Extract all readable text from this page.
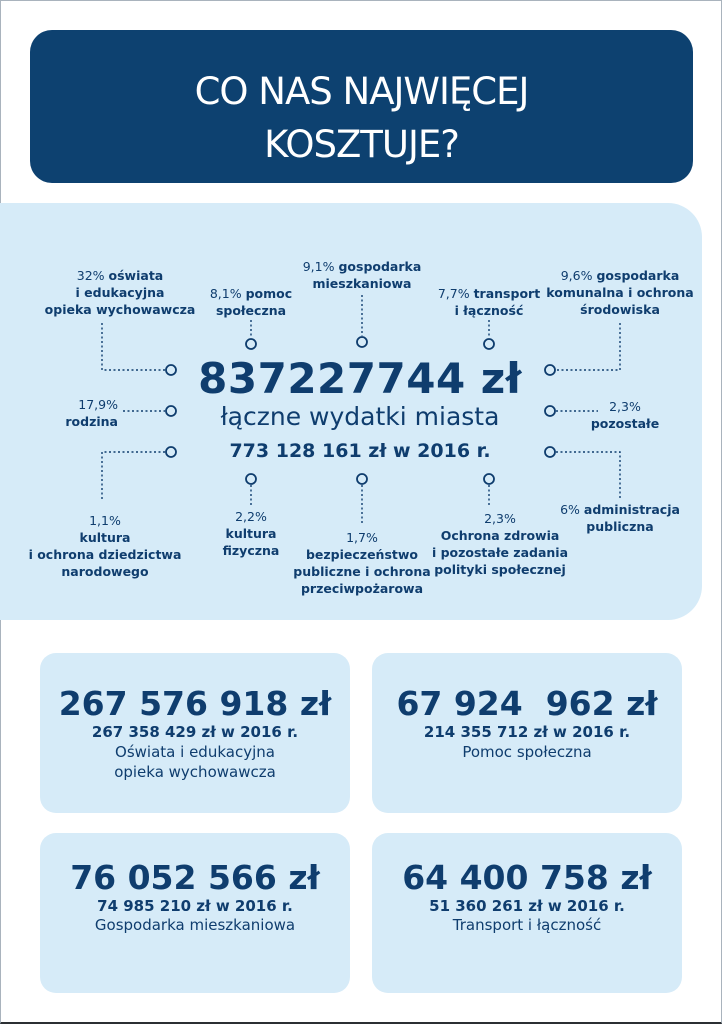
CO NAS NAJWIĘCEJ
KOSZTUJE?
32% oświata
i edukacyjna
opieka wychowawcza
8,1% pomoc
społeczna
9,1% gospodarka
mieszkaniowa
7,7% transport
i łączność
9,6% gospodarka
komunalna i ochrona
środowiska
17,9%
rodzina
2,3%
pozostałe
1,1%
kultura
i ochrona dziedzictwa
narodowego
2,2%
kultura
fizyczna
1,7%
bezpieczeństwo
publiczne i ochrona
przeciwpożarowa
2,3%
Ochrona zdrowia
i pozostałe zadania
polityki społecznej
6% administracja
publiczna
837227744 zł
łączne wydatki miasta
773 128 161 zł w 2016 r.
267 576 918 zł
267 358 429 zł w 2016 r.
Oświata i edukacyjna
opieka wychowawcza
67 924  962 zł
214 355 712 zł w 2016 r.
Pomoc społeczna
76 052 566 zł
74 985 210 zł w 2016 r.
Gospodarka mieszkaniowa
64 400 758 zł
51 360 261 zł w 2016 r.
Transport i łączność
